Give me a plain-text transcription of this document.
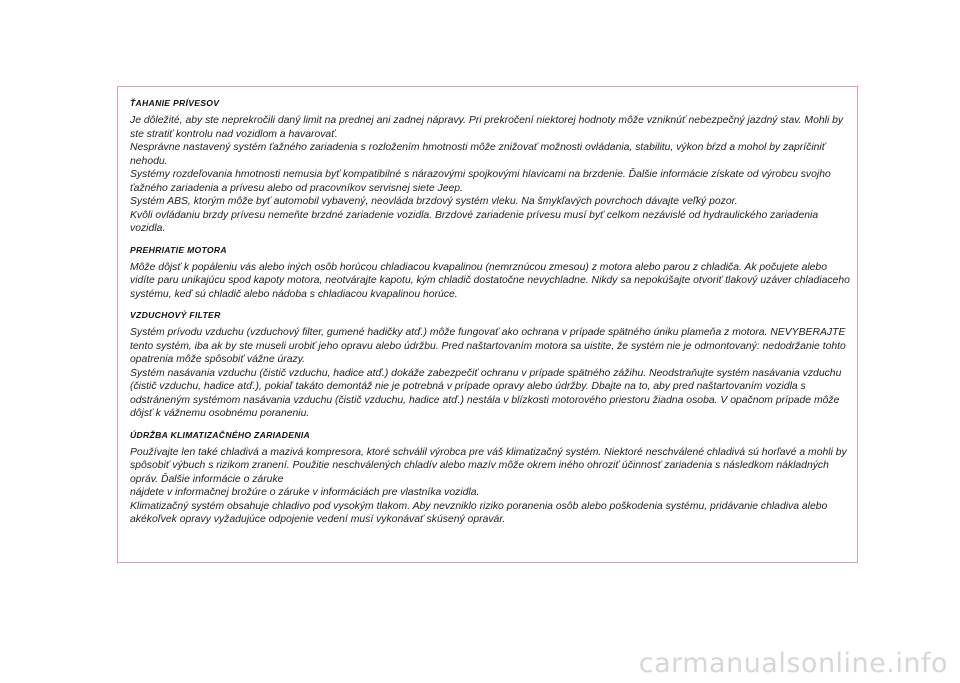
ŤAHANIE PRÍVESOV

Je dôležité, aby ste neprekročili daný limit na prednej ani zadnej nápravy. Pri prekročení niektorej hodnoty môže vzniknúť nebezpečný jazdný stav. Mohli by ste stratiť kontrolu nad vozidlom a havarovať.

Nesprávne nastavený systém ťažného zariadenia s rozložením hmotnosti môže znižovať možnosti ovládania, stabilitu, výkon bŕzd a mohol by zapríčiniť nehodu.

Systémy rozdeľovania hmotnosti nemusia byť kompatibilné s nárazovými spojkovými hlavicami na brzdenie. Ďalšie informácie získate od výrobcu svojho ťažného zariadenia a prívesu alebo od pracovníkov servisnej siete Jeep.

Systém ABS, ktorým môže byť automobil vybavený, neovláda brzdový systém vleku. Na šmykľavých povrchoch dávajte veľký pozor.

Kvôli ovládaniu brzdy prívesu nemeňte brzdné zariadenie vozidla. Brzdové zariadenie prívesu musí byť celkom nezávislé od hydraulického zariadenia vozidla.

PREHRIATIE MOTORA

Môže dôjsť k popáleniu vás alebo iných osôb horúcou chladiacou kvapalinou (nemrznúcou zmesou) z motora alebo parou z chladiča. Ak počujete alebo vidíte paru unikajúcu spod kapoty motora, neotvárajte kapotu, kým chladič dostatočne nevychladne. Nikdy sa nepokúšajte otvoriť tlakový uzáver chladiaceho systému, keď sú chladič alebo nádoba s chladiacou kvapalinou horúce.

VZDUCHOVÝ FILTER

Systém prívodu vzduchu (vzduchový filter, gumené hadičky atď.) môže fungovať ako ochrana v prípade spätného úniku plameňa z motora. NEVYBERAJTE tento systém, iba ak by ste museli urobiť jeho opravu alebo údržbu. Pred naštartovaním motora sa uistite, že systém nie je odmontovaný: nedodržanie tohto opatrenia môže spôsobiť vážne úrazy.

Systém nasávania vzduchu (čistič vzduchu, hadice atď.) dokáže zabezpečiť ochranu v prípade spätného zážihu. Neodstraňujte systém nasávania vzduchu (čistič vzduchu, hadice atď.), pokiaľ takáto demontáž nie je potrebná v prípade opravy alebo údržby. Dbajte na to, aby pred naštartovaním vozidla s odstráneným systémom nasávania vzduchu (čistič vzduchu, hadice atď.) nestála v blízkosti motorového priestoru žiadna osoba. V opačnom prípade môže dôjsť k vážnemu osobnému poraneniu.

ÚDRŽBA KLIMATIZAČNÉHO ZARIADENIA

Používajte len také chladivá a mazivá kompresora, ktoré schválil výrobca pre váš klimatizačný systém. Niektoré neschválené chladivá sú horľavé a mohli by spôsobiť výbuch s rizikom zranení. Použitie neschválených chladív alebo mazív môže okrem iného ohroziť účinnosť zariadenia s následkom nákladných opráv. Ďalšie informácie o záruke

nájdete v informačnej brožúre o záruke v informáciách pre vlastníka vozidla.

Klimatizačný systém obsahuje chladivo pod vysokým tlakom. Aby nevzniklo riziko poranenia osôb alebo poškodenia systému, pridávanie chladiva alebo akékoľvek opravy vyžadujúce odpojenie vedení musí vykonávať skúsený opravár.

carmanualsonline.info
